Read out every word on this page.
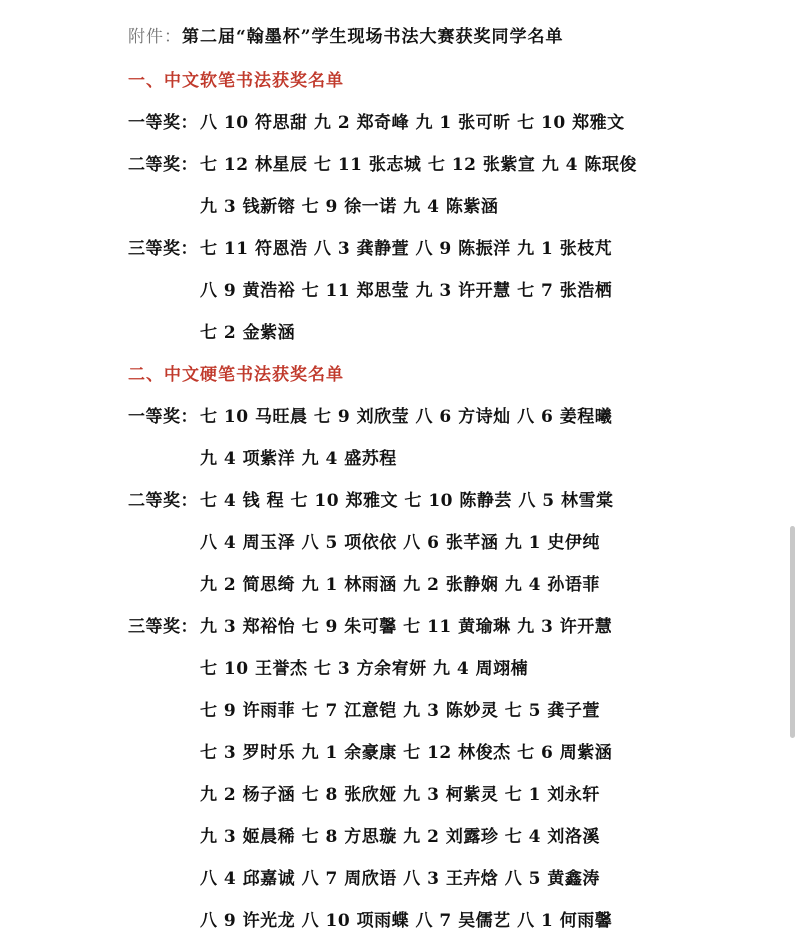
附件：第二届“翰墨杯”学生现场书法大赛获奖同学名单
一、中文软笔书法获奖名单
一等奖： 八 10 符思甜 九 2 郑奇峰 九 1 张可昕 七 10 郑雅文
二等奖： 七 12 林星辰 七 11 张志城 七 12 张紫宣 九 4 陈珉俊
九 3 钱新镕 七 9 徐一诺 九 4 陈紫涵
三等奖： 七 11 符恩浩 八 3 龚静萱 八 9 陈振洋 九 1 张枝芃
八 9 黄浩裕 七 11 郑思莹 九 3 许开慧 七 7 张浩栖
七 2 金紫涵
二、中文硬笔书法获奖名单
一等奖： 七 10 马旺晨 七 9 刘欣莹 八 6 方诗灿 八 6 姜程曦
九 4 项紫洋 九 4 盛苏程
二等奖： 七 4 钱 程 七 10 郑雅文 七 10 陈静芸 八 5 林雪棠
八 4 周玉泽 八 5 项依依 八 6 张芊涵 九 1 史伊纯
九 2 简思绮 九 1 林雨涵 九 2 张静娴 九 4 孙语菲
三等奖： 九 3 郑裕怡 七 9 朱可馨 七 11 黄瑜琳 九 3 许开慧
七 10 王誉杰 七 3 方余宥妍 九 4 周翊楠
七 9 许雨菲 七 7 江意铠 九 3 陈妙灵 七 5 龚子萱
七 3 罗时乐 九 1 余豪康 七 12 林俊杰 七 6 周紫涵
九 2 杨子涵 七 8 张欣娅 九 3 柯紫灵 七 1 刘永轩
九 3 姬晨稀 七 8 方思璇 九 2 刘露珍 七 4 刘洛溪
八 4 邱嘉诚 八 7 周欣语 八 3 王卉焓 八 5 黄鑫涛
八 9 许光龙 八 10 项雨蝶 八 7 吴儒艺 八 1 何雨馨
